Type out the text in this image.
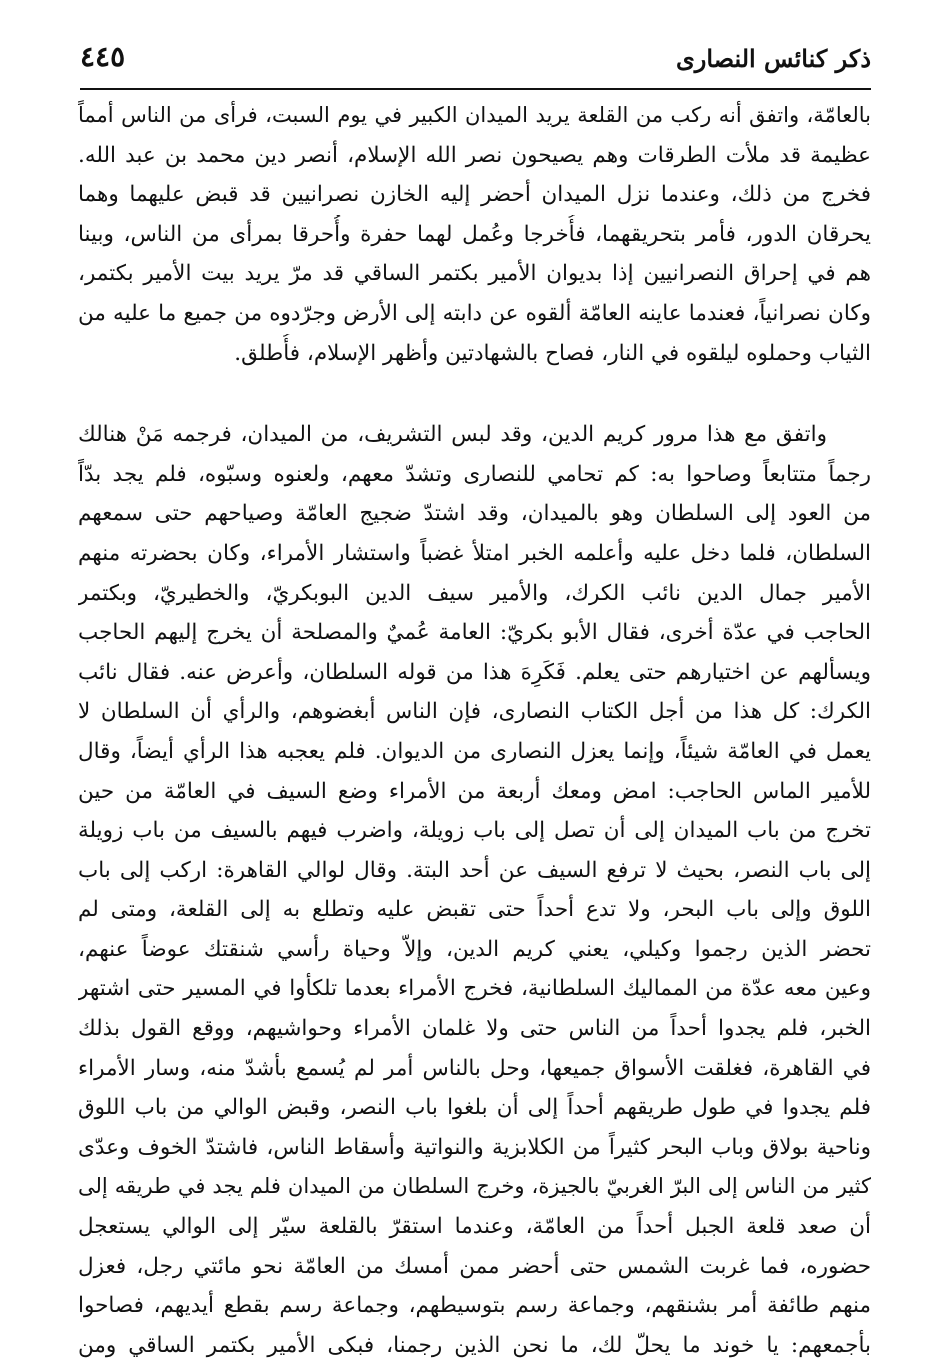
ذكر كنائس النصارى
٤٤٥
بالعامّة، واتفق أنه ركب من القلعة يريد الميدان الكبير في يوم السبت، فرأى من الناس أمماً
عظيمة قد ملأت الطرقات وهم يصيحون نصر الله الإسلام، أنصر دين محمد بن عبد الله.
فخرج من ذلك، وعندما نزل الميدان أحضر إليه الخازن نصرانيين قد قبض عليهما وهما
يحرقان الدور، فأمر بتحريقهما، فأُخرجا وعُمل لهما حفرة وأُحرقا بمرأى من الناس، وبينا
هم في إحراق النصرانيين إذا بديوان الأمير بكتمر الساقي قد مرّ يريد بيت الأمير بكتمر،
وكان نصرانياً، فعندما عاينه العامّة ألقوه عن دابته إلى الأرض وجرّدوه من جميع ما عليه من
الثياب وحملوه ليلقوه في النار، فصاح بالشهادتين وأظهر الإسلام، فأُطلق.
واتفق مع هذا مرور كريم الدين، وقد لبس التشريف، من الميدان، فرجمه مَنْ هنالك
رجماً متتابعاً وصاحوا به: كم تحامي للنصارى وتشدّ معهم، ولعنوه وسبّوه، فلم يجد بدّاً
من العود إلى السلطان وهو بالميدان، وقد اشتدّ ضجيج العامّة وصياحهم حتى سمعهم
السلطان، فلما دخل عليه وأعلمه الخبر امتلأ غضباً واستشار الأمراء، وكان بحضرته منهم
الأمير جمال الدين نائب الكرك، والأمير سيف الدين البوبكريّ، والخطيريّ، وبكتمر
الحاجب في عدّة أخرى، فقال الأبو بكريّ: العامة عُميٌ والمصلحة أن يخرج إليهم الحاجب
ويسألهم عن اختيارهم حتى يعلم. فَكَرِهَ هذا من قوله السلطان، وأعرض عنه. فقال نائب
الكرك: كل هذا من أجل الكتاب النصارى، فإن الناس أبغضوهم، والرأي أن السلطان لا
يعمل في العامّة شيئاً، وإنما يعزل النصارى من الديوان. فلم يعجبه هذا الرأي أيضاً، وقال
للأمير الماس الحاجب: امض ومعك أربعة من الأمراء وضع السيف في العامّة من حين
تخرج من باب الميدان إلى أن تصل إلى باب زويلة، واضرب فيهم بالسيف من باب زويلة
إلى باب النصر، بحيث لا ترفع السيف عن أحد البتة. وقال لوالي القاهرة: اركب إلى باب
اللوق وإلى باب البحر، ولا تدع أحداً حتى تقبض عليه وتطلع به إلى القلعة، ومتى لم
تحضر الذين رجموا وكيلي، يعني كريم الدين، وإلاّ وحياة رأسي شنقتك عوضاً عنهم،
وعين معه عدّة من المماليك السلطانية، فخرج الأمراء بعدما تلكأوا في المسير حتى اشتهر
الخبر، فلم يجدوا أحداً من الناس حتى ولا غلمان الأمراء وحواشيهم، ووقع القول بذلك
في القاهرة، فغلقت الأسواق جميعها، وحل بالناس أمر لم يُسمع بأشدّ منه، وسار الأمراء
فلم يجدوا في طول طريقهم أحداً إلى أن بلغوا باب النصر، وقبض الوالي من باب اللوق
وناحية بولاق وباب البحر كثيراً من الكلابزية والنواتية وأسقاط الناس، فاشتدّ الخوف وعدّى
كثير من الناس إلى البرّ الغربيّ بالجيزة، وخرج السلطان من الميدان فلم يجد في طريقه إلى
أن صعد قلعة الجبل أحداً من العامّة، وعندما استقرّ بالقلعة سيّر إلى الوالي يستعجل
حضوره، فما غربت الشمس حتى أحضر ممن أمسك من العامّة نحو مائتي رجل، فعزل
منهم طائفة أمر بشنقهم، وجماعة رسم بتوسيطهم، وجماعة رسم بقطع أيديهم، فصاحوا
بأجمعهم: يا خوند ما يحلّ لك، ما نحن الذين رجمنا، فبكى الأمير بكتمر الساقي ومن
